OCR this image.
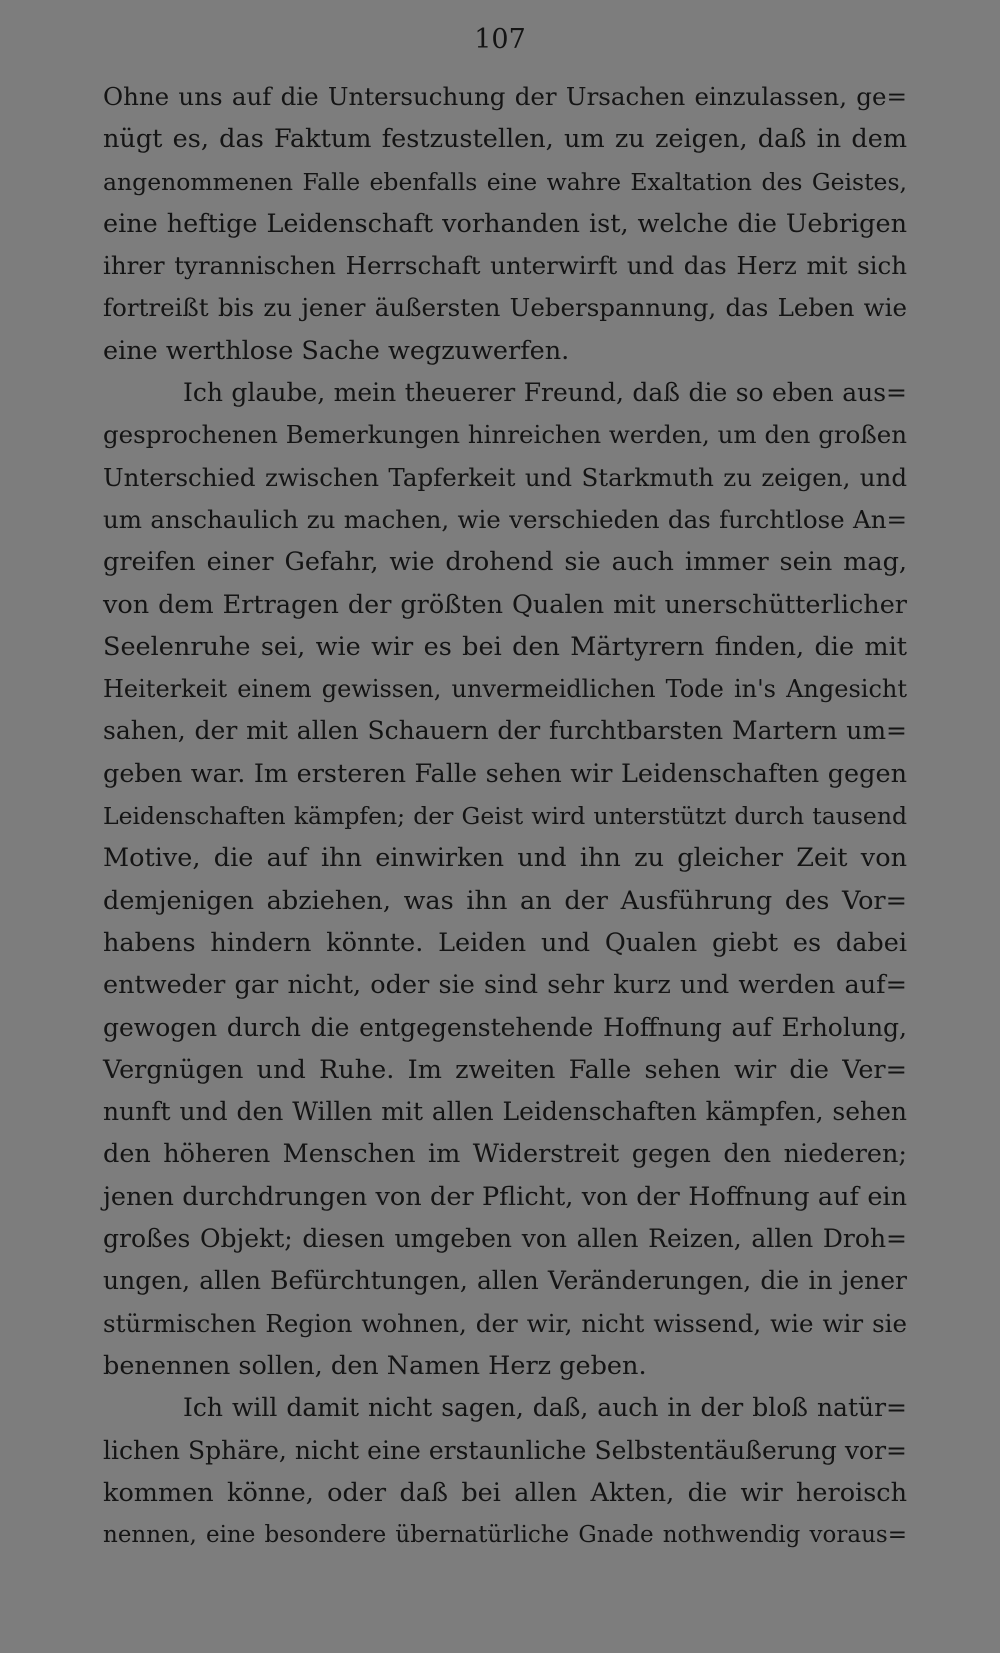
107
Ohne uns auf die Untersuchung der Ursachen einzulassen, ge=
nügt es, das Faktum festzustellen, um zu zeigen, daß in dem
angenommenen Falle ebenfalls eine wahre Exaltation des Geistes,
eine heftige Leidenschaft vorhanden ist, welche die Uebrigen
ihrer tyrannischen Herrschaft unterwirft und das Herz mit sich
fortreißt bis zu jener äußersten Ueberspannung, das Leben wie
eine werthlose Sache wegzuwerfen.
Ich glaube, mein theuerer Freund, daß die so eben aus=
gesprochenen Bemerkungen hinreichen werden, um den großen
Unterschied zwischen Tapferkeit und Starkmuth zu zeigen, und
um anschaulich zu machen, wie verschieden das furchtlose An=
greifen einer Gefahr, wie drohend sie auch immer sein mag,
von dem Ertragen der größten Qualen mit unerschütterlicher
Seelenruhe sei, wie wir es bei den Märtyrern finden, die mit
Heiterkeit einem gewissen, unvermeidlichen Tode in's Angesicht
sahen, der mit allen Schauern der furchtbarsten Martern um=
geben war. Im ersteren Falle sehen wir Leidenschaften gegen
Leidenschaften kämpfen; der Geist wird unterstützt durch tausend
Motive, die auf ihn einwirken und ihn zu gleicher Zeit von
demjenigen abziehen, was ihn an der Ausführung des Vor=
habens hindern könnte. Leiden und Qualen giebt es dabei
entweder gar nicht, oder sie sind sehr kurz und werden auf=
gewogen durch die entgegenstehende Hoffnung auf Erholung,
Vergnügen und Ruhe. Im zweiten Falle sehen wir die Ver=
nunft und den Willen mit allen Leidenschaften kämpfen, sehen
den höheren Menschen im Widerstreit gegen den niederen;
jenen durchdrungen von der Pflicht, von der Hoffnung auf ein
großes Objekt; diesen umgeben von allen Reizen, allen Droh=
ungen, allen Befürchtungen, allen Veränderungen, die in jener
stürmischen Region wohnen, der wir, nicht wissend, wie wir sie
benennen sollen, den Namen Herz geben.
Ich will damit nicht sagen, daß, auch in der bloß natür=
lichen Sphäre, nicht eine erstaunliche Selbstentäußerung vor=
kommen könne, oder daß bei allen Akten, die wir heroisch
nennen, eine besondere übernatürliche Gnade nothwendig voraus=
